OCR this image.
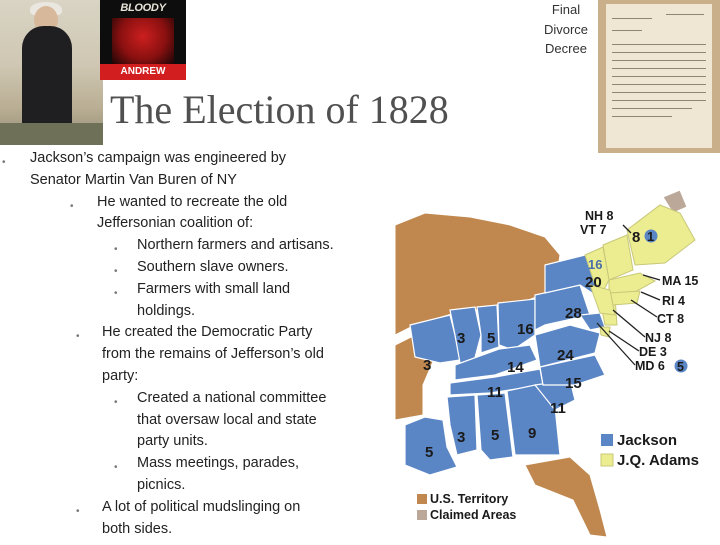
BLOODY
ANDREW
The Election of 1828
Final
Divorce
Decree
• Jackson’s campaign was engineered by
Senator Martin Van Buren of NY
• He wanted to recreate the old
Jeffersonian coalition of:
• Northern farmers and artisans.
• Southern slave owners.
• Farmers with small land
holdings.
• He created the Democratic Party
from the remains of Jefferson’s old
party:
• Created a national committee
that oversaw local and state
party units.
• Mass meetings, parades,
picnics.
• A lot of political mudslinging on
both sides.
3 5
16
3	14
11
24
15
28
11
5
3 5 9
16
20
8 1
NH 8
VT 7
MA 15
RI 4
CT 8
NJ 8
DE 3
MD 6 5
Jackson
J.Q. Adams
U.S. Territory
Claimed Areas
